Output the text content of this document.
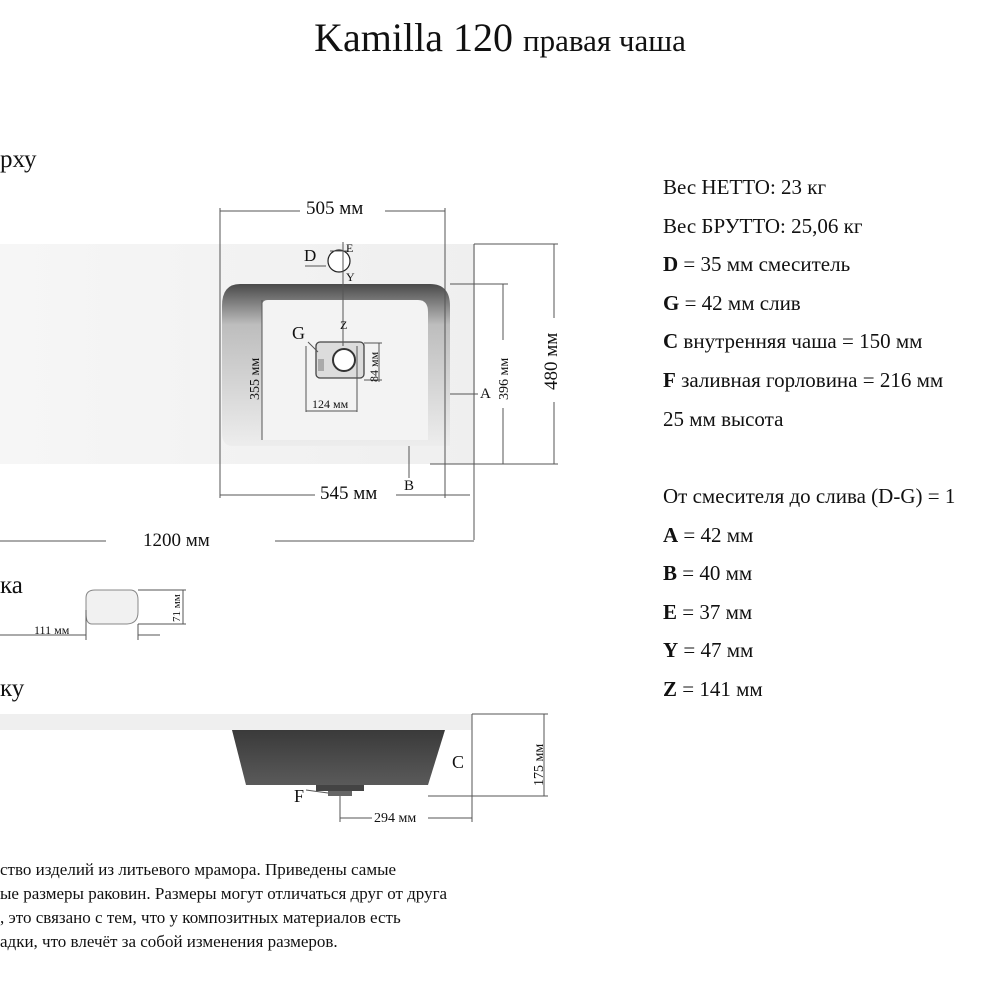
Kamilla 120 правая чаша
рху
ка
ку
505 мм
480 мм
396 мм
355 мм	84 мм
124 мм
545 мм
1200 мм
D E
Y
Z
G
A
B
111 мм
71 мм
175 мм
294 мм
C
F
Вес НЕТТО: 23 кг
Вес БРУТТО: 25,06 кг
D = 35 мм смеситель
G = 42 мм слив
C внутренняя чаша = 150 мм
F заливная горловина = 216 мм
25 мм высота
От смесителя до слива (D-G) = 1
A = 42 мм
B = 40 мм
E = 37 мм
Y = 47 мм
Z = 141 мм
ство изделий из литьевого мрамора. Приведены самые
ые размеры раковин. Размеры могут отличаться друг от друга
, это связано с тем, что у композитных материалов есть
адки, что влечёт за собой изменения размеров.
